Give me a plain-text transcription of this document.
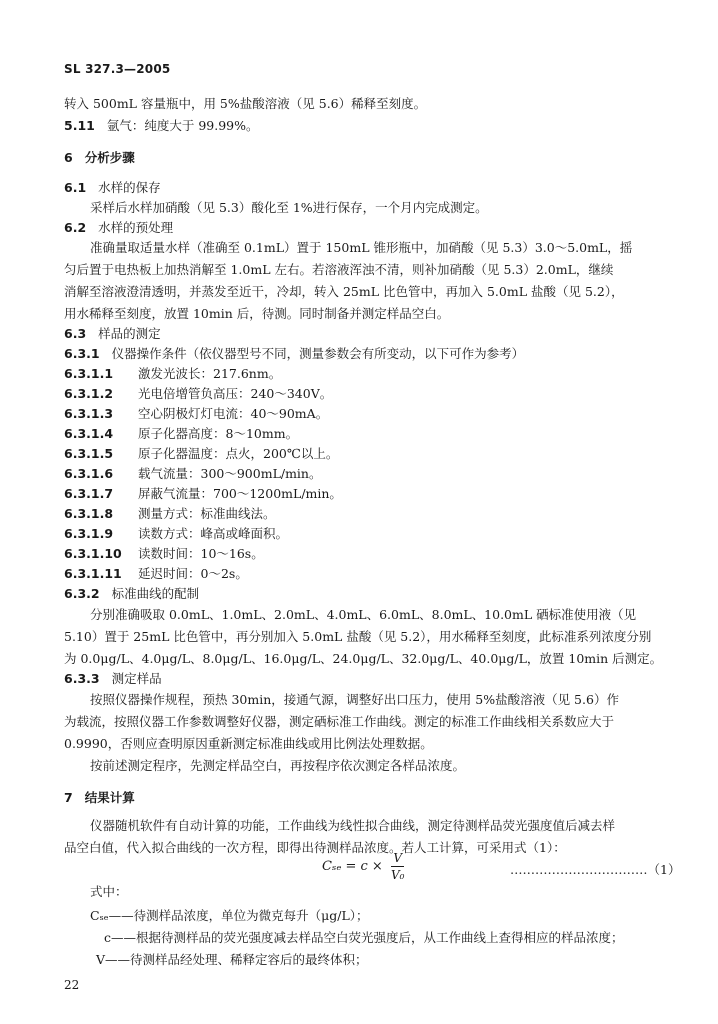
SL 327.3—2005
转入 500mL 容量瓶中，用 5%盐酸溶液（见 5.6）稀释至刻度。
5.11 氩气：纯度大于 99.99%。
6 分析步骤
6.1 水样的保存
采样后水样加硝酸（见 5.3）酸化至 1%进行保存，一个月内完成测定。
6.2 水样的预处理
准确量取适量水样（准确至 0.1mL）置于 150mL 锥形瓶中，加硝酸（见 5.3）3.0～5.0mL，摇
匀后置于电热板上加热消解至 1.0mL 左右。若溶液浑浊不清，则补加硝酸（见 5.3）2.0mL，继续
消解至溶液澄清透明，并蒸发至近干，冷却，转入 25mL 比色管中，再加入 5.0mL 盐酸（见 5.2），
用水稀释至刻度，放置 10min 后，待测。同时制备并测定样品空白。
6.3 样品的测定
6.3.1 仪器操作条件（依仪器型号不同，测量参数会有所变动，以下可作为参考）
6.3.1.1 激发光波长：217.6nm。
6.3.1.2 光电倍增管负高压：240～340V。
6.3.1.3 空心阴极灯灯电流：40～90mA。
6.3.1.4 原子化器高度：8～10mm。
6.3.1.5 原子化器温度：点火，200℃以上。
6.3.1.6 载气流量：300～900mL/min。
6.3.1.7 屏蔽气流量：700～1200mL/min。
6.3.1.8 测量方式：标准曲线法。
6.3.1.9 读数方式：峰高或峰面积。
6.3.1.10 读数时间：10～16s。
6.3.1.11 延迟时间：0～2s。
6.3.2 标准曲线的配制
分别准确吸取 0.0mL、1.0mL、2.0mL、4.0mL、6.0mL、8.0mL、10.0mL 硒标准使用液（见
5.10）置于 25mL 比色管中，再分别加入 5.0mL 盐酸（见 5.2），用水稀释至刻度，此标准系列浓度分别
为 0.0μg/L、4.0μg/L、8.0μg/L、16.0μg/L、24.0μg/L、32.0μg/L、40.0μg/L，放置 10min 后测定。
6.3.3 测定样品
按照仪器操作规程，预热 30min，接通气源，调整好出口压力，使用 5%盐酸溶液（见 5.6）作
为载流，按照仪器工作参数调整好仪器，测定硒标准工作曲线。测定的标准工作曲线相关系数应大于
0.9990，否则应查明原因重新测定标准曲线或用比例法处理数据。
按前述测定程序，先测定样品空白，再按程序依次测定各样品浓度。
7 结果计算
仪器随机软件有自动计算的功能，工作曲线为线性拟合曲线，测定待测样品荧光强度值后减去样
品空白值，代入拟合曲线的一次方程，即得出待测样品浓度。若人工计算，可采用式（1）：
式中：
Cₛₑ——待测样品浓度，单位为微克每升（μg/L）；
c——根据待测样品的荧光强度减去样品空白荧光强度后，从工作曲线上查得相应的样品浓度；
V——待测样品经处理、稀释定容后的最终体积；
$C_{se} = c \times \frac{V}{\text{V₀}}$	……………………………（1）
22
